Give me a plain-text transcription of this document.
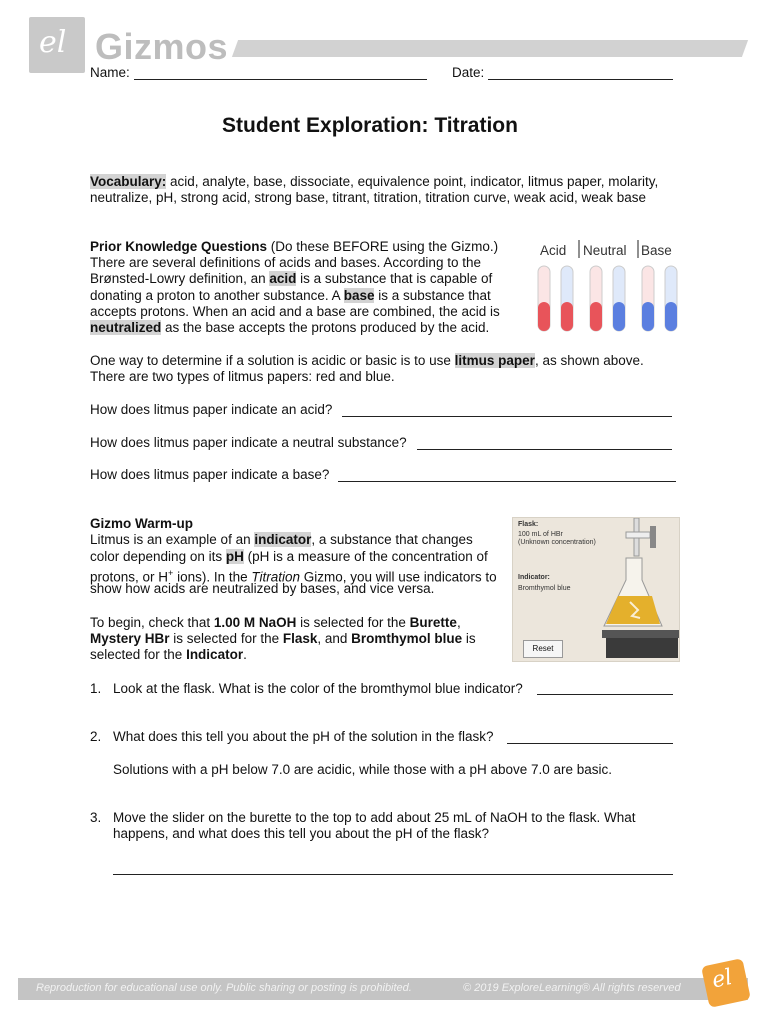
el Gizmos
Name:	Date:
Student Exploration: Titration
Vocabulary: acid, analyte, base, dissociate, equivalence point, indicator, litmus paper, molarity,
neutralize, pH, strong acid, strong base, titrant, titration, titration curve, weak acid, weak base
Prior Knowledge Questions (Do these BEFORE using the Gizmo.)
There are several definitions of acids and bases. According to the
Brønsted-Lowry definition, an acid is a substance that is capable of
donating a proton to another substance. A base is a substance that
accepts protons. When an acid and a base are combined, the acid is
neutralized as the base accepts the protons produced by the acid.
Acid Neutral Base
One way to determine if a solution is acidic or basic is to use litmus paper, as shown above.
There are two types of litmus papers: red and blue.
How does litmus paper indicate an acid?
How does litmus paper indicate a neutral substance?
How does litmus paper indicate a base?
Gizmo Warm-up
Litmus is an example of an indicator, a substance that changes
color depending on its pH (pH is a measure of the concentration of
protons, or H+ ions). In the Titration Gizmo, you will use indicators to
show how acids are neutralized by bases, and vice versa.
To begin, check that 1.00 M NaOH is selected for the Burette,
Mystery HBr is selected for the Flask, and Bromthymol blue is
selected for the Indicator.
Flask:
100 mL of HBr
(Unknown concentration)
Indicator:
Bromthymol blue
Reset
1. Look at the flask. What is the color of the bromthymol blue indicator?
2. What does this tell you about the pH of the solution in the flask?
Solutions with a pH below 7.0 are acidic, while those with a pH above 7.0 are basic.
3. Move the slider on the burette to the top to add about 25 mL of NaOH to the flask. What
happens, and what does this tell you about the pH of the flask?
Reproduction for educational use only. Public sharing or posting is prohibited.	© 2019 ExploreLearning® All rights reserved el
